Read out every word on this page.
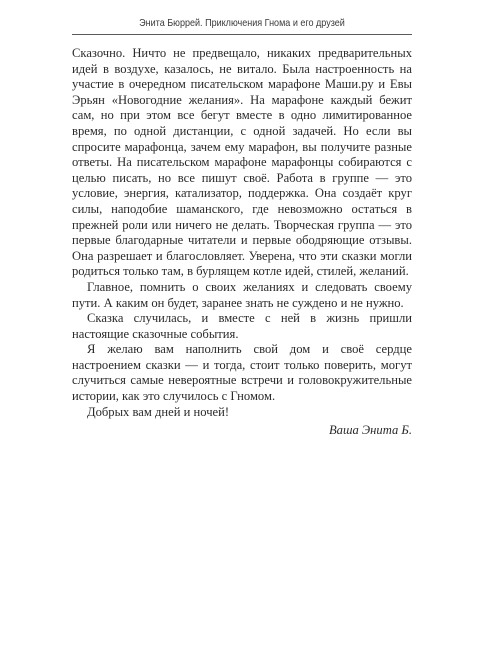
Энита Бюррей. Приключения Гнома и его друзей

Сказочно. Ничто не предвещало, никаких предварительных идей в воздухе, казалось, не витало. Была настроенность на участие в очередном писательском марафоне Маши.ру и Евы Эрьян «Новогодние желания». На марафоне каждый бежит сам, но при этом все бегут вместе в одно лимитированное время, по одной дистанции, с одной задачей. Но если вы спросите марафонца, зачем ему марафон, вы получите разные ответы. На писательском марафоне марафонцы собираются с целью писать, но все пишут своё. Работа в группе — это условие, энергия, катализатор, поддержка. Она создаёт круг силы, наподобие шаманского, где невозможно остаться в прежней роли или ничего не делать. Творческая группа — это первые благодарные читатели и первые ободряющие отзывы. Она разрешает и благословляет. Уверена, что эти сказки могли родиться только там, в бурлящем котле идей, стилей, желаний.

Главное, помнить о своих желаниях и следовать своему пути. А каким он будет, заранее знать не суждено и не нужно.

Сказка случилась, и вместе с ней в жизнь пришли настоящие сказочные события.

Я желаю вам наполнить свой дом и своё сердце настроением сказки — и тогда, стоит только поверить, могут случиться самые невероятные встречи и головокружительные истории, как это случилось с Гномом.

Добрых вам дней и ночей!

Ваша Энита Б.
